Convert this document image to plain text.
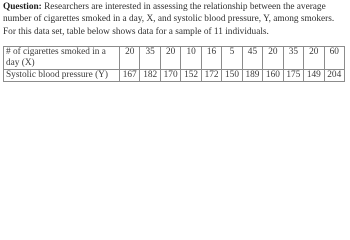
Question: Researchers are interested in assessing the relationship between the average number of cigarettes smoked in a day, X, and systolic blood pressure, Y, among smokers. For this data set, table below shows data for a sample of 11 individuals.

# of cigarettes smoked in a day (X)	20	35	20	10	16	5	45	20	35	20	60
Systolic blood pressure (Y)	167	182	170	152	172	150	189	160	175	149	204
